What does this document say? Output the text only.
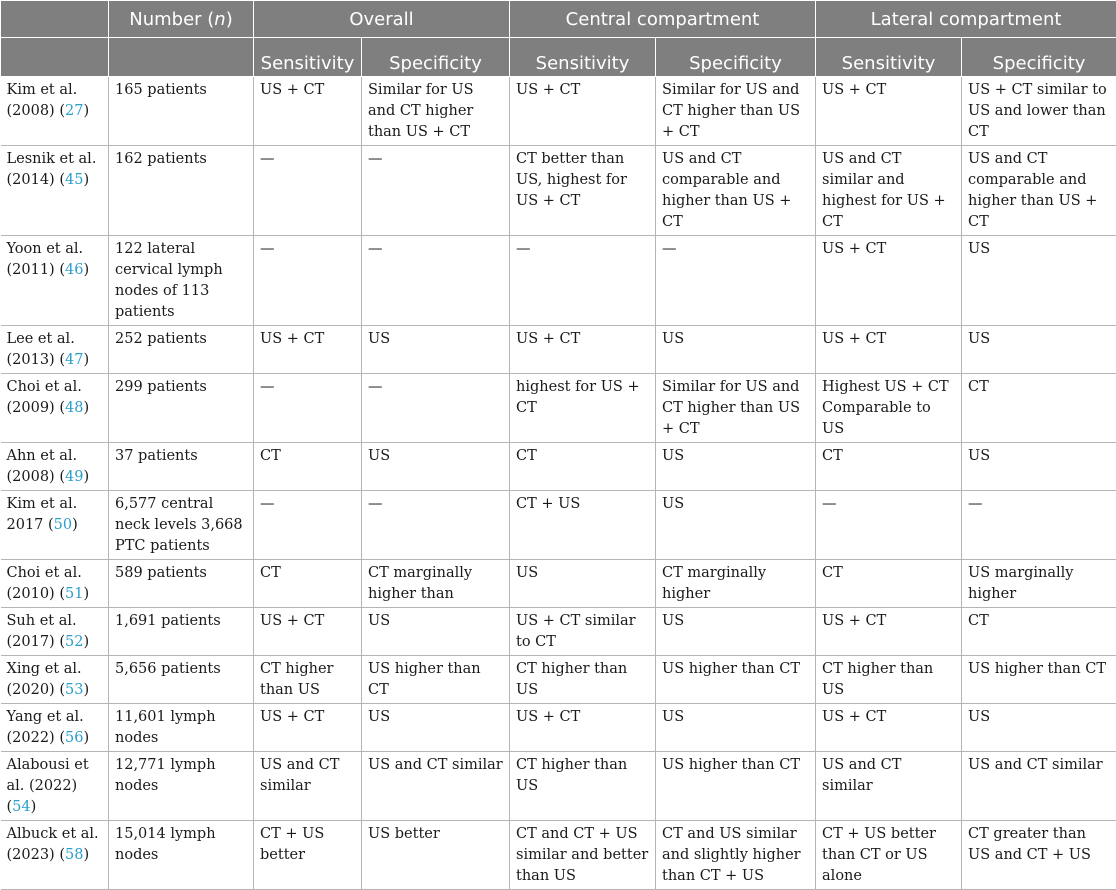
	Number (n)	Overall		Central compartment		Lateral compartment	
		Sensitivity	Specificity	Sensitivity	Specificity	Sensitivity	Specificity
Kim et al. (2008) (27)	165 patients	US + CT	Similar for US and CT higher than US + CT	US + CT	Similar for US and CT higher than US + CT	US + CT	US + CT similar to US and lower than CT
Lesnik et al. (2014) (45)	162 patients	—	—	CT better than US, highest for US + CT	US and CT comparable and higher than US + CT	US and CT similar and highest for US + CT	US and CT comparable and higher than US + CT
Yoon et al. (2011) (46)	122 lateral cervical lymph nodes of 113 patients	—	—	—	—	US + CT	US
Lee et al. (2013) (47)	252 patients	US + CT	US	US + CT	US	US + CT	US
Choi et al. (2009) (48)	299 patients	—	—	highest for US + CT	Similar for US and CT higher than US + CT	Highest US + CT Comparable to US	CT
Ahn et al. (2008) (49)	37 patients	CT	US	CT	US	CT	US
Kim et al. 2017 (50)	6,577 central neck levels 3,668 PTC patients	—	—	CT + US	US	—	—
Choi et al. (2010) (51)	589 patients	CT	CT marginally higher than	US	CT marginally higher	CT	US marginally higher
Suh et al. (2017) (52)	1,691 patients	US + CT	US	US + CT similar to CT	US	US + CT	CT
Xing et al. (2020) (53)	5,656 patients	CT higher than US	US higher than CT	CT higher than US	US higher than CT	CT higher than US	US higher than CT
Yang et al. (2022) (56)	11,601 lymph nodes	US + CT	US	US + CT	US	US + CT	US
Alabousi et al. (2022) (54)	12,771 lymph nodes	US and CT similar	US and CT similar	CT higher than US	US higher than CT	US and CT similar	US and CT similar
Albuck et al. (2023) (58)	15,014 lymph nodes	CT + US better	US better	CT and CT + US similar and better than US	CT and US similar and slightly higher than CT + US	CT + US better than CT or US alone	CT greater than US and CT + US
